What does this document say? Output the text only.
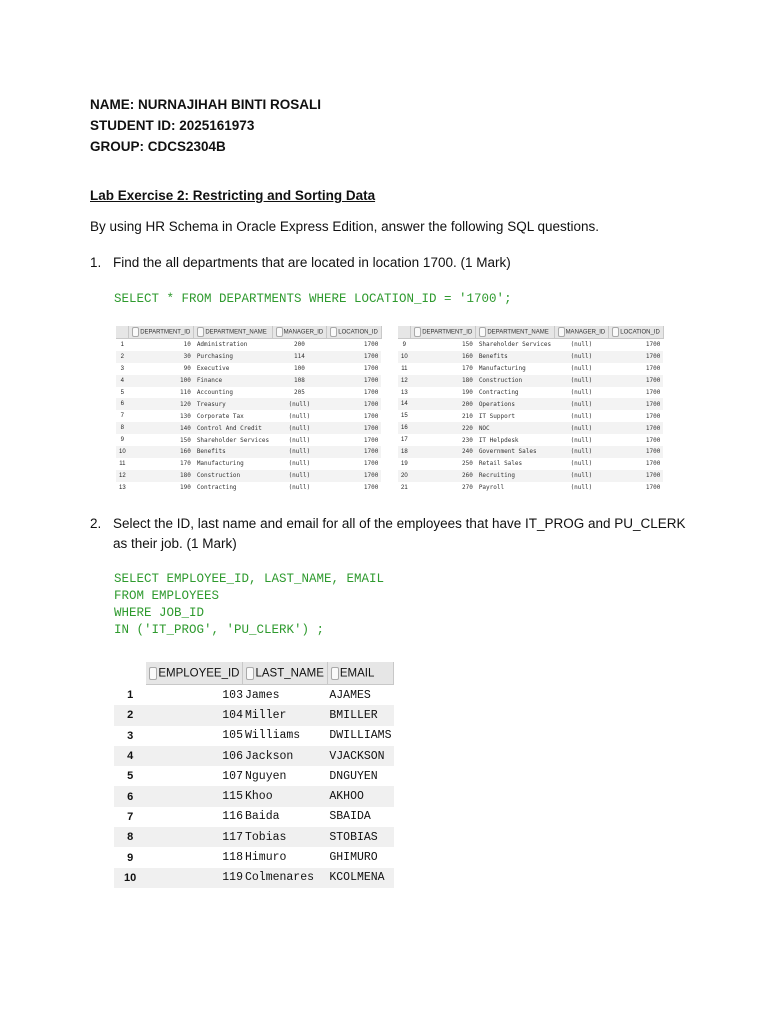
NAME: NURNAJIHAH BINTI ROSALI
STUDENT ID: 2025161973
GROUP: CDCS2304B
Lab Exercise 2: Restricting and Sorting Data
By using HR Schema in Oracle Express Edition, answer the following SQL questions.
1. Find the all departments that are located in location 1700. (1 Mark)
SELECT * FROM DEPARTMENTS WHERE LOCATION_ID = '1700';
	DEPARTMENT_ID	DEPARTMENT_NAME	MANAGER_ID	LOCATION_ID
1	10	Administration	200	1700
2	30	Purchasing	114	1700
3	90	Executive	100	1700
4	100	Finance	108	1700
5	110	Accounting	205	1700
6	120	Treasury	(null)	1700
7	130	Corporate Tax	(null)	1700
8	140	Control And Credit	(null)	1700
9	150	Shareholder Services	(null)	1700
10	160	Benefits	(null)	1700
11	170	Manufacturing	(null)	1700
12	180	Construction	(null)	1700
13	190	Contracting	(null)	1700
	DEPARTMENT_ID	DEPARTMENT_NAME	MANAGER_ID	LOCATION_ID
9	150	Shareholder Services	(null)	1700
10	160	Benefits	(null)	1700
11	170	Manufacturing	(null)	1700
12	180	Construction	(null)	1700
13	190	Contracting	(null)	1700
14	200	Operations	(null)	1700
15	210	IT Support	(null)	1700
16	220	NOC	(null)	1700
17	230	IT Helpdesk	(null)	1700
18	240	Government Sales	(null)	1700
19	250	Retail Sales	(null)	1700
20	260	Recruiting	(null)	1700
21	270	Payroll	(null)	1700
2. Select the ID, last name and email for all of the employees that have IT_PROG and PU_CLERK as their job. (1 Mark)
SELECT EMPLOYEE_ID, LAST_NAME, EMAIL
FROM EMPLOYEES
WHERE JOB_ID
IN ('IT_PROG', 'PU_CLERK') ;
	EMPLOYEE_ID	LAST_NAME	EMAIL
1	103	James	AJAMES
2	104	Miller	BMILLER
3	105	Williams	DWILLIAMS
4	106	Jackson	VJACKSON
5	107	Nguyen	DNGUYEN
6	115	Khoo	AKHOO
7	116	Baida	SBAIDA
8	117	Tobias	STOBIAS
9	118	Himuro	GHIMURO
10	119	Colmenares	KCOLMENA
